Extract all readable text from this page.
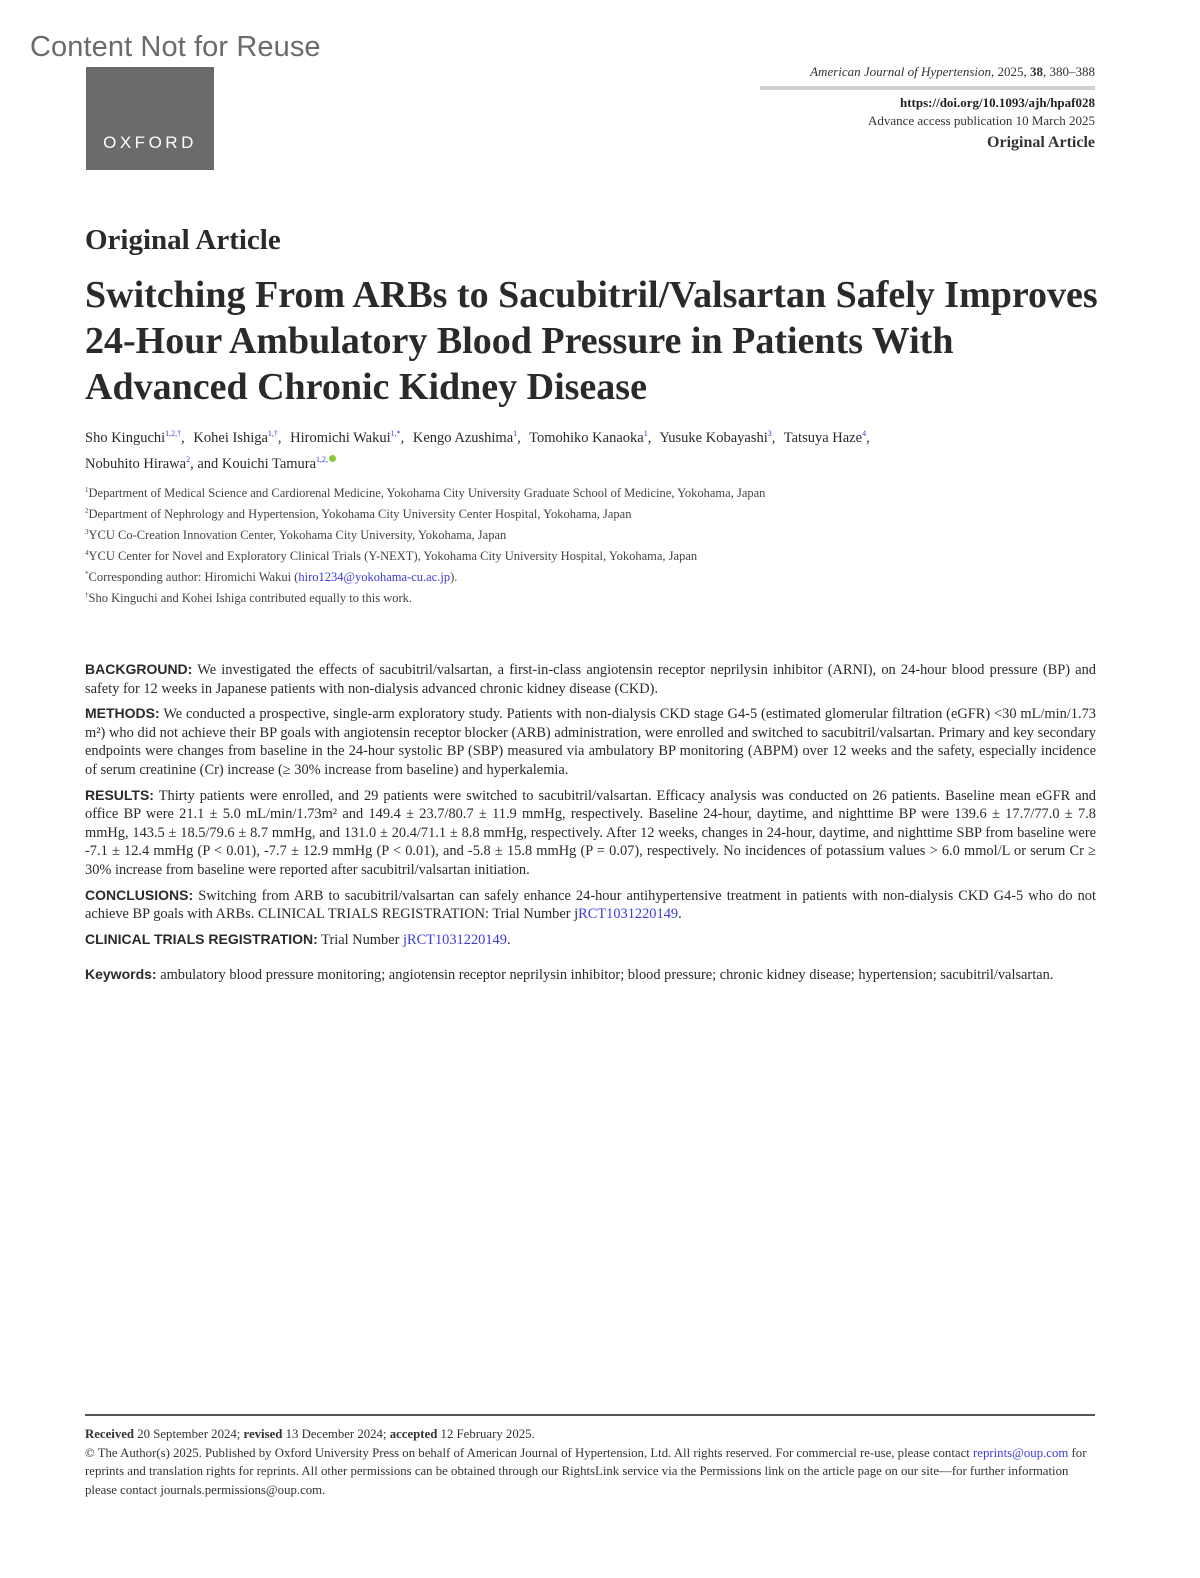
Content Not for Reuse
OXFORD
American Journal of Hypertension, 2025, 38, 380–388
https://doi.org/10.1093/ajh/hpaf028
Advance access publication 10 March 2025
Original Article
Original Article
Switching From ARBs to Sacubitril/Valsartan Safely Improves 24-Hour Ambulatory Blood Pressure in Patients With Advanced Chronic Kidney Disease
Sho Kinguchi$^{1,2,\dagger}$, Kohei Ishiga$^{1,\dagger}$, Hiromichi Wakui$^{1,*}$, Kengo Azushima$^1$, Tomohiko Kanaoka$^1$, Yusuke Kobayashi$^3$, Tatsuya Haze$^4$,
Nobuhito Hirawa$^2$, and Kouichi Tamura$^{1,2,}$
$^1$Department of Medical Science and Cardiorenal Medicine, Yokohama City University Graduate School of Medicine, Yokohama, Japan
$^2$Department of Nephrology and Hypertension, Yokohama City University Center Hospital, Yokohama, Japan
$^3$YCU Co-Creation Innovation Center, Yokohama City University, Yokohama, Japan
$^4$YCU Center for Novel and Exploratory Clinical Trials (Y-NEXT), Yokohama City University Hospital, Yokohama, Japan
*Corresponding author: Hiromichi Wakui (hiro1234@yokohama-cu.ac.jp).
†Sho Kinguchi and Kohei Ishiga contributed equally to this work.

BACKGROUND: We investigated the effects of sacubitril/valsartan, a first-in-class angiotensin receptor neprilysin inhibitor (ARNI), on 24-hour blood pressure (BP) and safety for 12 weeks in Japanese patients with non-dialysis advanced chronic kidney disease (CKD).

METHODS: We conducted a prospective, single-arm exploratory study. Patients with non-dialysis CKD stage G4-5 (estimated glomerular filtration (eGFR) <30 mL/min/1.73 m²) who did not achieve their BP goals with angiotensin receptor blocker (ARB) administration, were enrolled and switched to sacubitril/valsartan. Primary and key secondary endpoints were changes from baseline in the 24-hour systolic BP (SBP) measured via ambulatory BP monitoring (ABPM) over 12 weeks and the safety, especially incidence of serum creatinine (Cr) increase (≥ 30% increase from baseline) and hyperkalemia.

RESULTS: Thirty patients were enrolled, and 29 patients were switched to sacubitril/valsartan. Efficacy analysis was conducted on 26 patients. Baseline mean eGFR and office BP were 21.1 ± 5.0 mL/min/1.73m² and 149.4 ± 23.7/80.7 ± 11.9 mmHg, respectively. Baseline 24-hour, daytime, and nighttime BP were 139.6 ± 17.7/77.0 ± 7.8 mmHg, 143.5 ± 18.5/79.6 ± 8.7 mmHg, and 131.0 ± 20.4/71.1 ± 8.8 mmHg, respectively. After 12 weeks, changes in 24-hour, daytime, and nighttime SBP from baseline were -7.1 ± 12.4 mmHg (P < 0.01), -7.7 ± 12.9 mmHg (P < 0.01), and -5.8 ± 15.8 mmHg (P = 0.07), respectively. No incidences of potassium values > 6.0 mmol/L or serum Cr ≥ 30% increase from baseline were reported after sacubitril/valsartan initiation.

CONCLUSIONS: Switching from ARB to sacubitril/valsartan can safely enhance 24-hour antihypertensive treatment in patients with non-dialysis CKD G4-5 who do not achieve BP goals with ARBs. CLINICAL TRIALS REGISTRATION: Trial Number jRCT1031220149.

CLINICAL TRIALS REGISTRATION: Trial Number jRCT1031220149.

Keywords: ambulatory blood pressure monitoring; angiotensin receptor neprilysin inhibitor; blood pressure; chronic kidney disease; hypertension; sacubitril/valsartan.

Received 20 September 2024; revised 13 December 2024; accepted 12 February 2025.
© The Author(s) 2025. Published by Oxford University Press on behalf of American Journal of Hypertension, Ltd. All rights reserved. For commercial re-use, please contact reprints@oup.com for reprints and translation rights for reprints. All other permissions can be obtained through our RightsLink service via the Permissions link on the article page on our site—for further information please contact journals.permissions@oup.com.
